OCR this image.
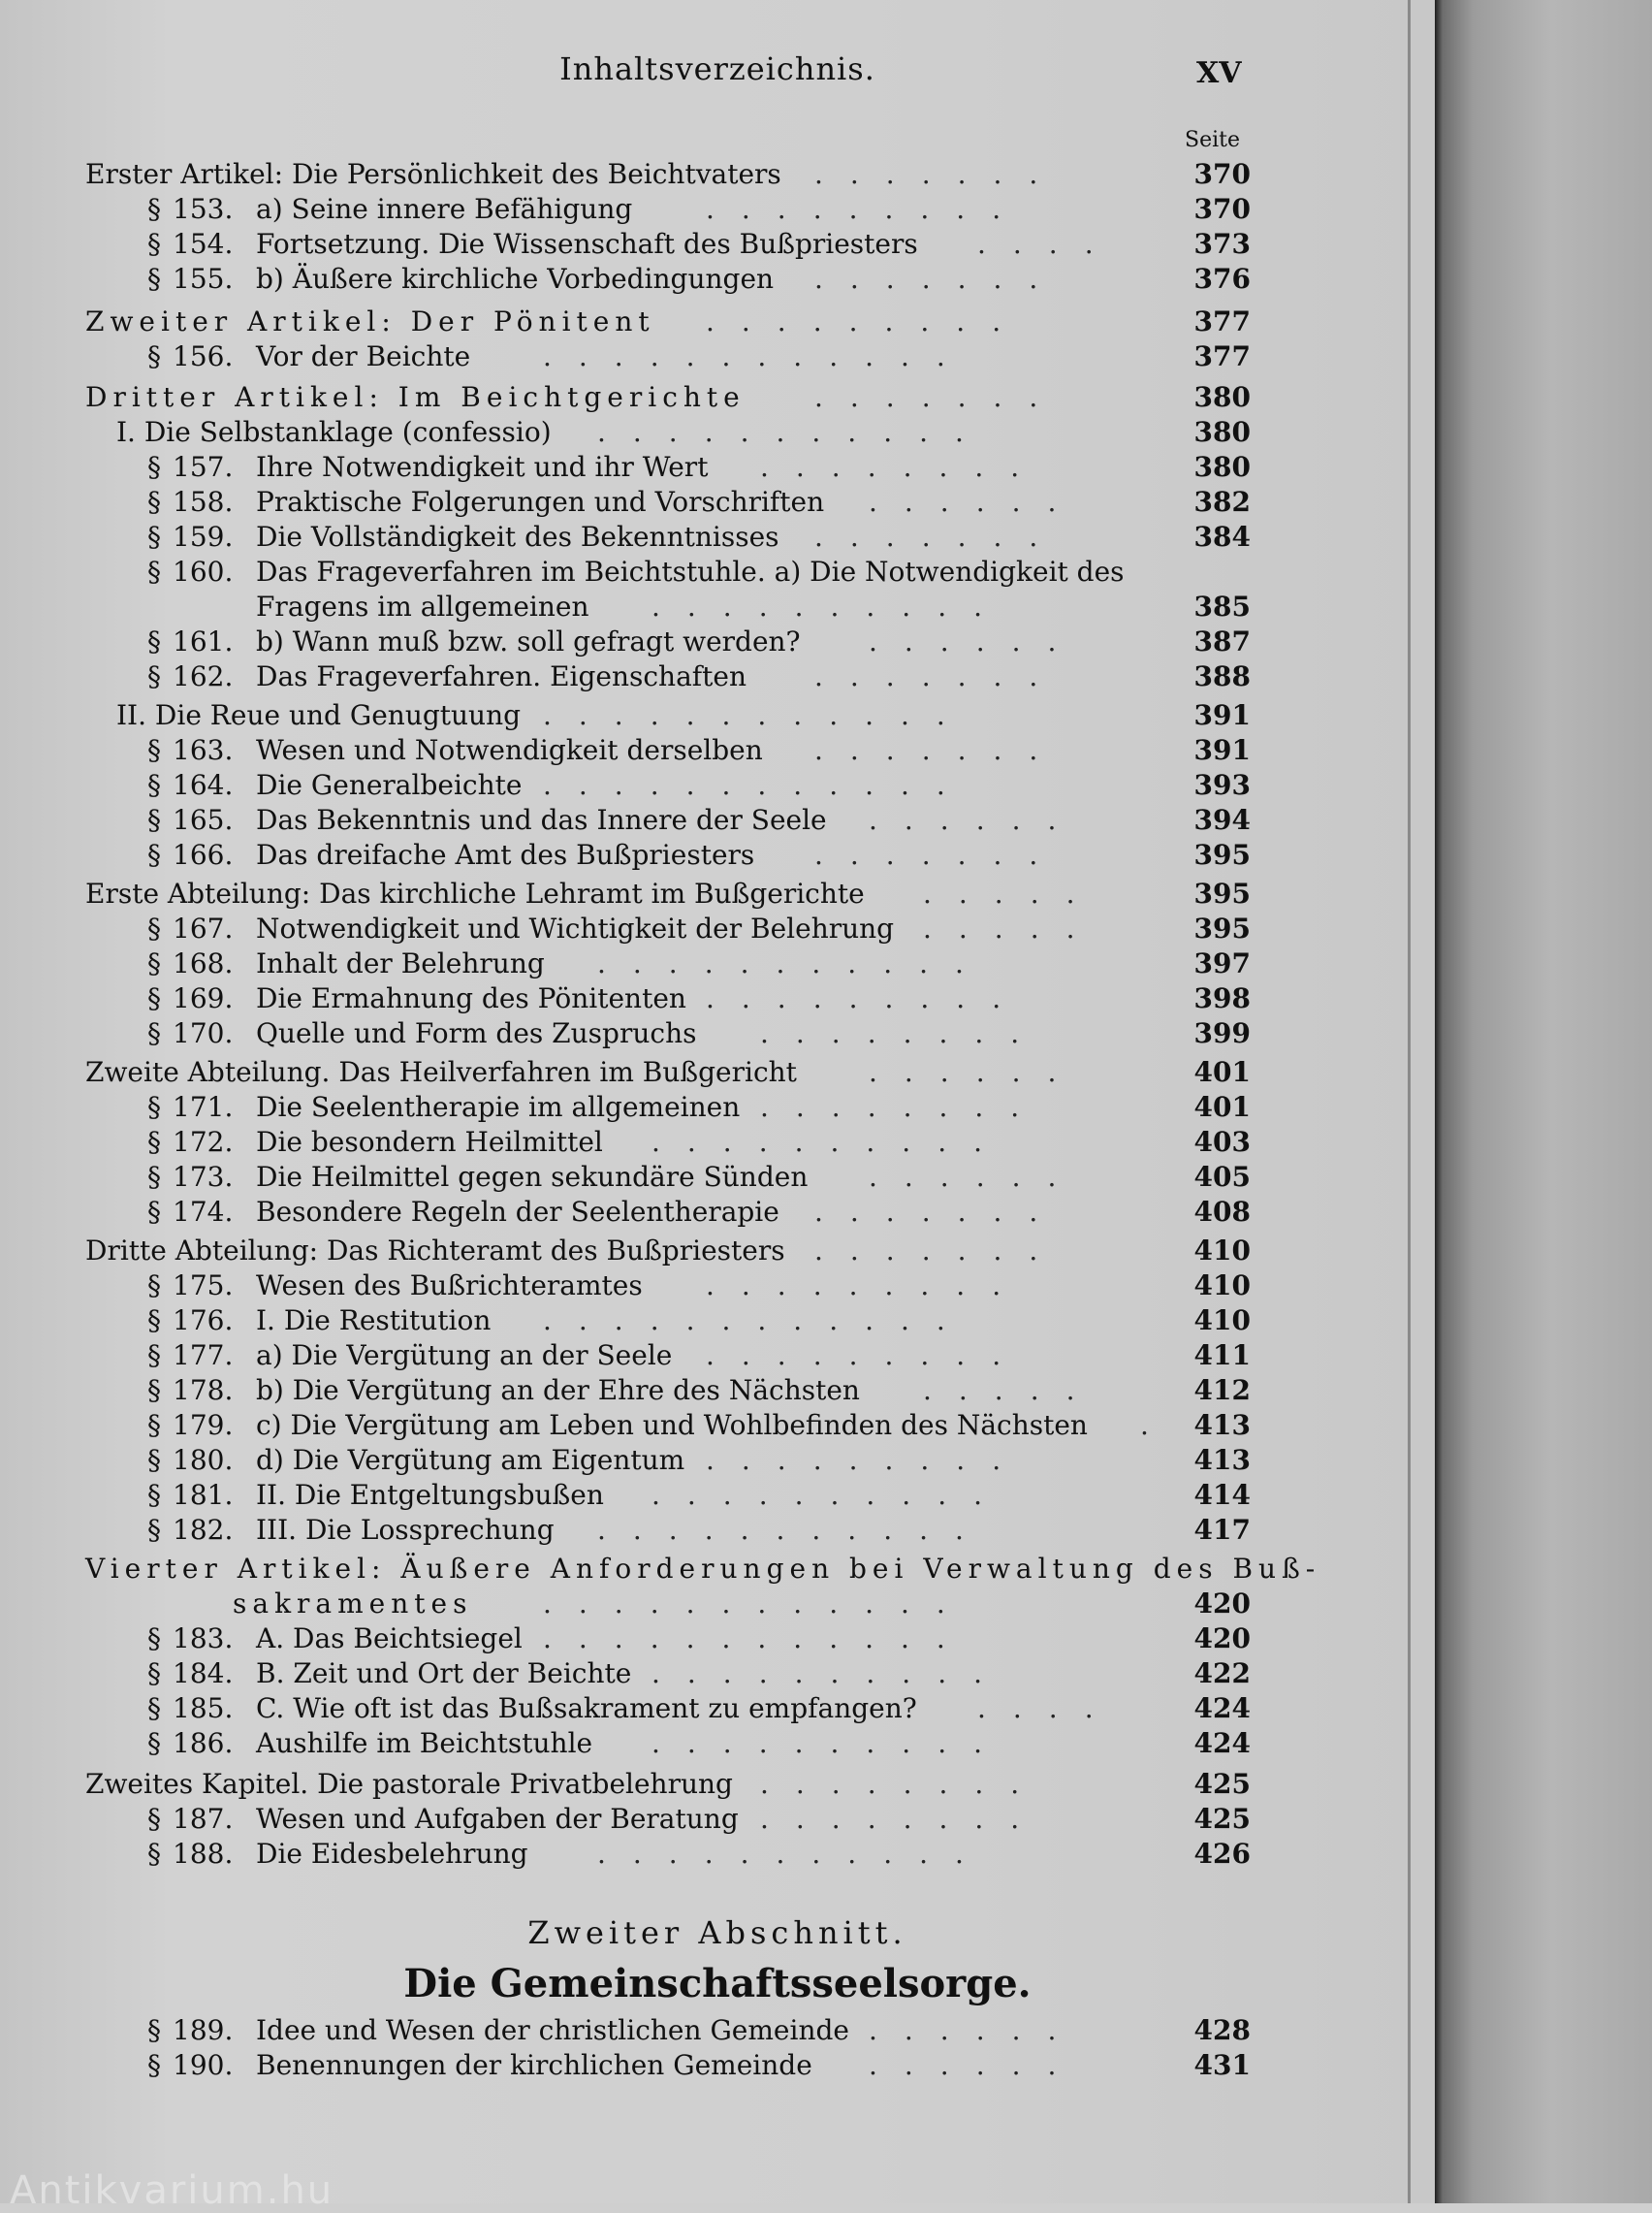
Inhaltsverzeichnis.	XV
Seite
Erster Artikel: Die Persönlichkeit des Beichtvaters .......	370
§ 153. a) Seine innere Befähigung	.........	370
§ 154. Fortsetzung. Die Wissenschaft des Bußpriesters ....	373
§ 155. b) Äußere kirchliche Vorbedingungen .......	376
Zweiter Artikel: Der Pönitent .........	377
§ 156. Vor der Beichte	............	377
Dritter Artikel: Im Beichtgerichte	.......	380
I. Die Selbstanklage (confessio) ...........	380
§ 157. Ihre Notwendigkeit und ihr Wert ........	380
§ 158. Praktische Folgerungen und Vorschriften ......	382
§ 159. Die Vollständigkeit des Bekenntnisses .......	384
§ 160. Das Frageverfahren im Beichtstuhle. a) Die Notwendigkeit des
Fragens im allgemeinen ..........	385
§ 161. b) Wann muß bzw. soll gefragt werden?	......	387
§ 162. Das Frageverfahren. Eigenschaften	.......	388
II. Die Reue und Genugtuung ............	391
§ 163. Wesen und Notwendigkeit derselben .......	391
§ 164. Die Generalbeichte ............	393
§ 165. Das Bekenntnis und das Innere der Seele ......	394
§ 166. Das dreifache Amt des Bußpriesters .......	395
Erste Abteilung: Das kirchliche Lehramt im Bußgerichte .....	395
§ 167. Notwendigkeit und Wichtigkeit der Belehrung .....	395
§ 168. Inhalt der Belehrung ...........	397
§ 169. Die Ermahnung des Pönitenten .........	398
§ 170. Quelle und Form des Zuspruchs ........	399
Zweite Abteilung. Das Heilverfahren im Bußgericht	......	401
§ 171. Die Seelentherapie im allgemeinen ........	401
§ 172. Die besondern Heilmittel ..........	403
§ 173. Die Heilmittel gegen sekundäre Sünden ......	405
§ 174. Besondere Regeln der Seelentherapie .......	408
Dritte Abteilung: Das Richteramt des Bußpriesters .......	410
§ 175. Wesen des Bußrichteramtes .........	410
§ 176. I. Die Restitution ............	410
§ 177. a) Die Vergütung an der Seele .........	411
§ 178. b) Die Vergütung an der Ehre des Nächsten .....	412
§ 179. c) Die Vergütung am Leben und Wohlbefinden des Nächsten . 413
§ 180. d) Die Vergütung am Eigentum .........	413
§ 181. II. Die Entgeltungsbußen ..........	414
§ 182. III. Die Lossprechung ...........	417
Vierter Artikel: Äußere Anforderungen bei Verwaltung des Buß-
sakramentes	............	420
§ 183. A. Das Beichtsiegel ............	420
§ 184. B. Zeit und Ort der Beichte ..........	422
§ 185. C. Wie oft ist das Bußsakrament zu empfangen? ....	424
§ 186. Aushilfe im Beichtstuhle ..........	424
Zweites Kapitel. Die pastorale Privatbelehrung ........	425
§ 187. Wesen und Aufgaben der Beratung ........	425
§ 188. Die Eidesbelehrung	...........	426
§ 189. Idee und Wesen der christlichen Gemeinde ......	428
§ 190. Benennungen der kirchlichen Gemeinde ......	431
Zweiter Abschnitt.
Die Gemeinschaftsseelsorge.
Antikvarium.hu
